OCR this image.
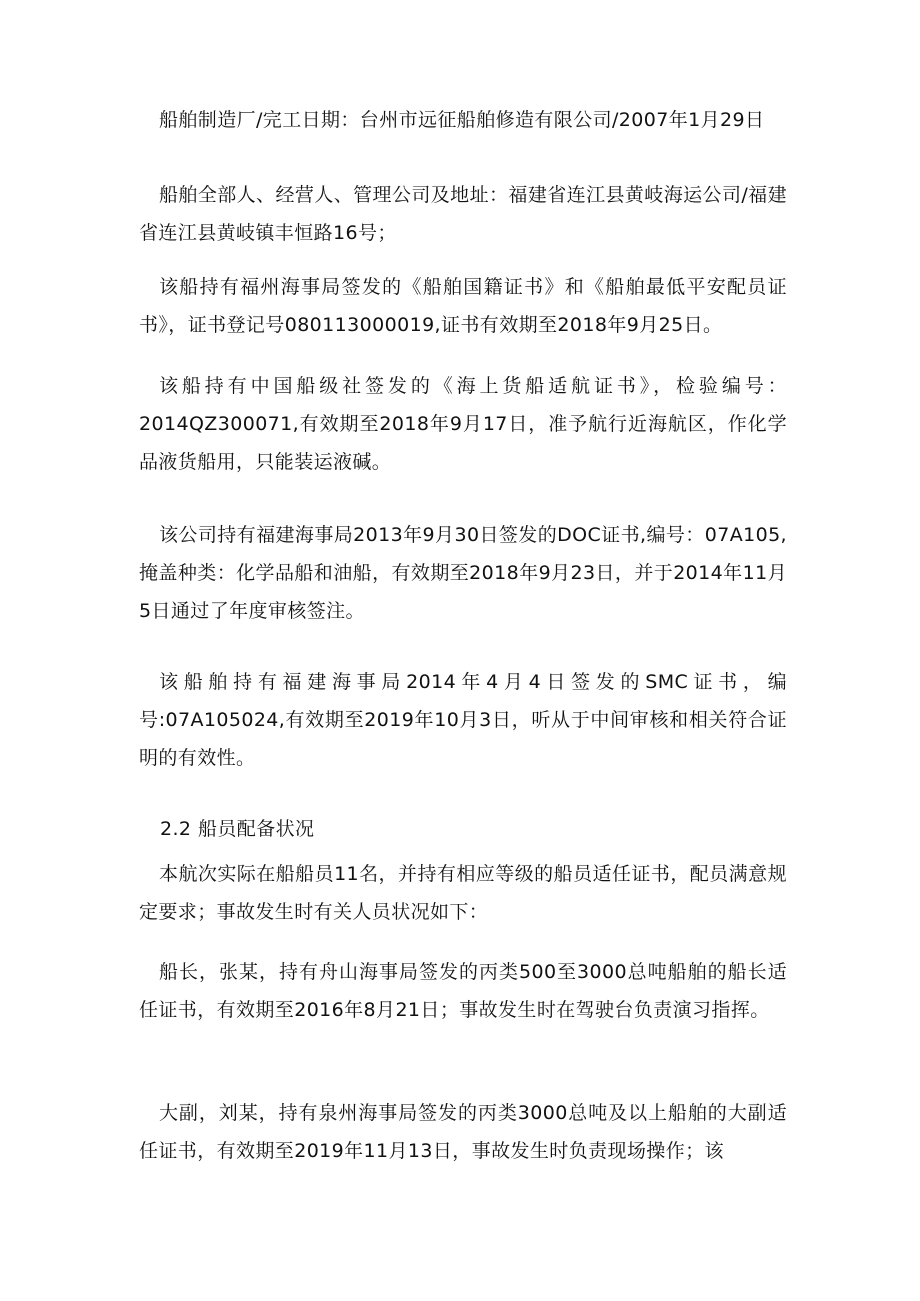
船舶制造厂/完工日期：台州市远征船舶修造有限公司/2007年1月29日

船舶全部人、经营人、管理公司及地址：福建省连江县黄岐海运公司/福建省连江县黄岐镇丰恒路16号；

该船持有福州海事局签发的《船舶国籍证书》和《船舶最低平安配员证书》，证书登记号080113000019,证书有效期至2018年9月25日。

该船持有中国船级社签发的《海上货船适航证书》，检验编号：2014QZ300071,有效期至2018年9月17日，准予航行近海航区，作化学品液货船用，只能装运液碱。

该公司持有福建海事局2013年9月30日签发的DOC证书,编号：07A105,掩盖种类：化学品船和油船，有效期至2018年9月23日，并于2014年11月5日通过了年度审核签注。

该船舶持有福建海事局2014年4月4日签发的SMC证书，编号:07A105024,有效期至2019年10月3日，听从于中间审核和相关符合证明的有效性。

2.2 船员配备状况

本航次实际在船船员11名，并持有相应等级的船员适任证书，配员满意规定要求；事故发生时有关人员状况如下：

船长，张某，持有舟山海事局签发的丙类500至3000总吨船舶的船长适任证书，有效期至2016年8月21日；事故发生时在驾驶台负责演习指挥。

大副，刘某，持有泉州海事局签发的丙类3000总吨及以上船舶的大副适任证书，有效期至2019年11月13日，事故发生时负责现场操作；该
